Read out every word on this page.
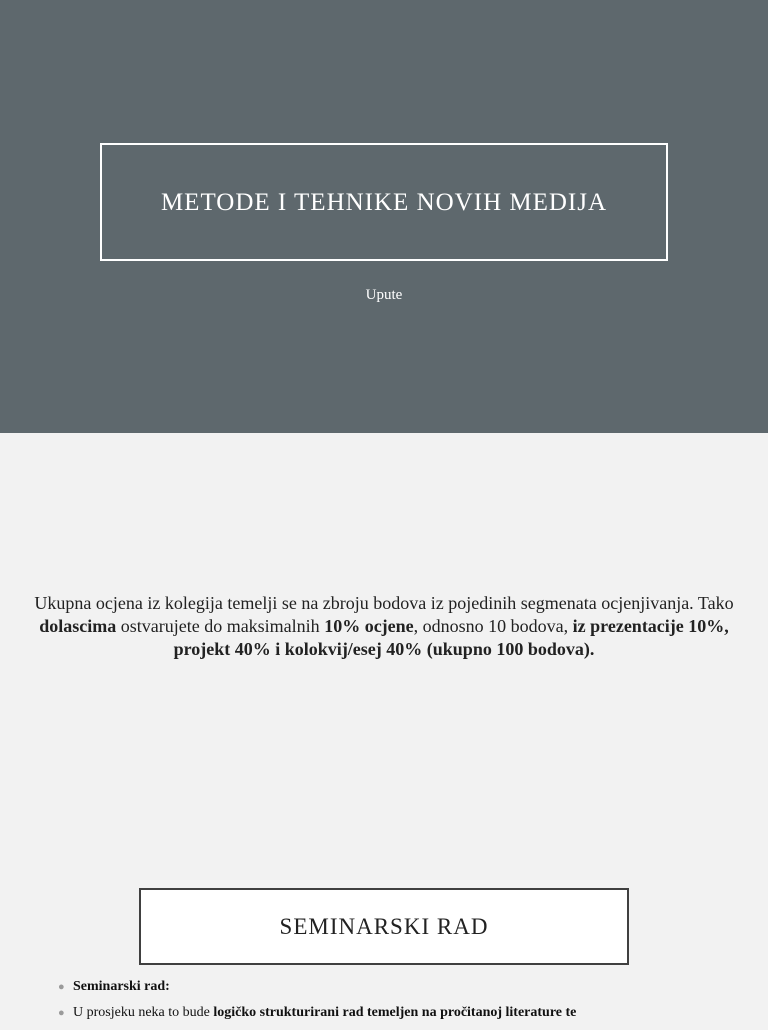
METODE I TEHNIKE NOVIH MEDIJA
Upute

Ukupna ocjena iz kolegija temelji se na zbroju bodova iz pojedinih segmenata ocjenjivanja. Tako dolascima ostvarujete do maksimalnih 10% ocjene, odnosno 10 bodova, iz prezentacije 10%, projekt 40% i kolokvij/esej 40% (ukupno 100 bodova).

SEMINARSKI RAD
● Seminarski rad:
● U prosjeku neka to bude logičko strukturirani rad temeljen na pročitanoj literature te
